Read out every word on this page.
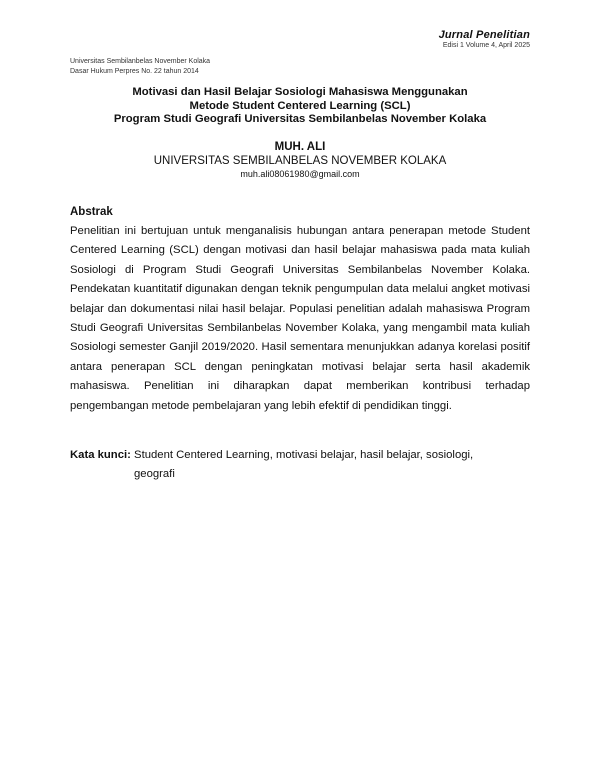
Jurnal Penelitian
Edisi 1 Volume 4, April 2025
Universitas Sembilanbelas November Kolaka
Dasar Hukum Perpres No. 22 tahun 2014
Motivasi dan Hasil Belajar Sosiologi Mahasiswa Menggunakan
Metode Student Centered Learning (SCL)
Program Studi Geografi Universitas Sembilanbelas November Kolaka
MUH. ALI
UNIVERSITAS SEMBILANBELAS NOVEMBER KOLAKA
muh.ali08061980@gmail.com
Abstrak

Penelitian ini bertujuan untuk menganalisis hubungan antara penerapan metode Student Centered Learning (SCL) dengan motivasi dan hasil belajar mahasiswa pada mata kuliah Sosiologi di Program Studi Geografi Universitas Sembilanbelas November Kolaka. Pendekatan kuantitatif digunakan dengan teknik pengumpulan data melalui angket motivasi belajar dan dokumentasi nilai hasil belajar. Populasi penelitian adalah mahasiswa Program Studi Geografi Universitas Sembilanbelas November Kolaka, yang mengambil mata kuliah Sosiologi semester Ganjil 2019/2020. Hasil sementara menunjukkan adanya korelasi positif antara penerapan SCL dengan peningkatan motivasi belajar serta hasil akademik mahasiswa. Penelitian ini diharapkan dapat memberikan kontribusi terhadap pengembangan metode pembelajaran yang lebih efektif di pendidikan tinggi.

Kata kunci: Student Centered Learning, motivasi belajar, hasil belajar, sosiologi,
geografi
